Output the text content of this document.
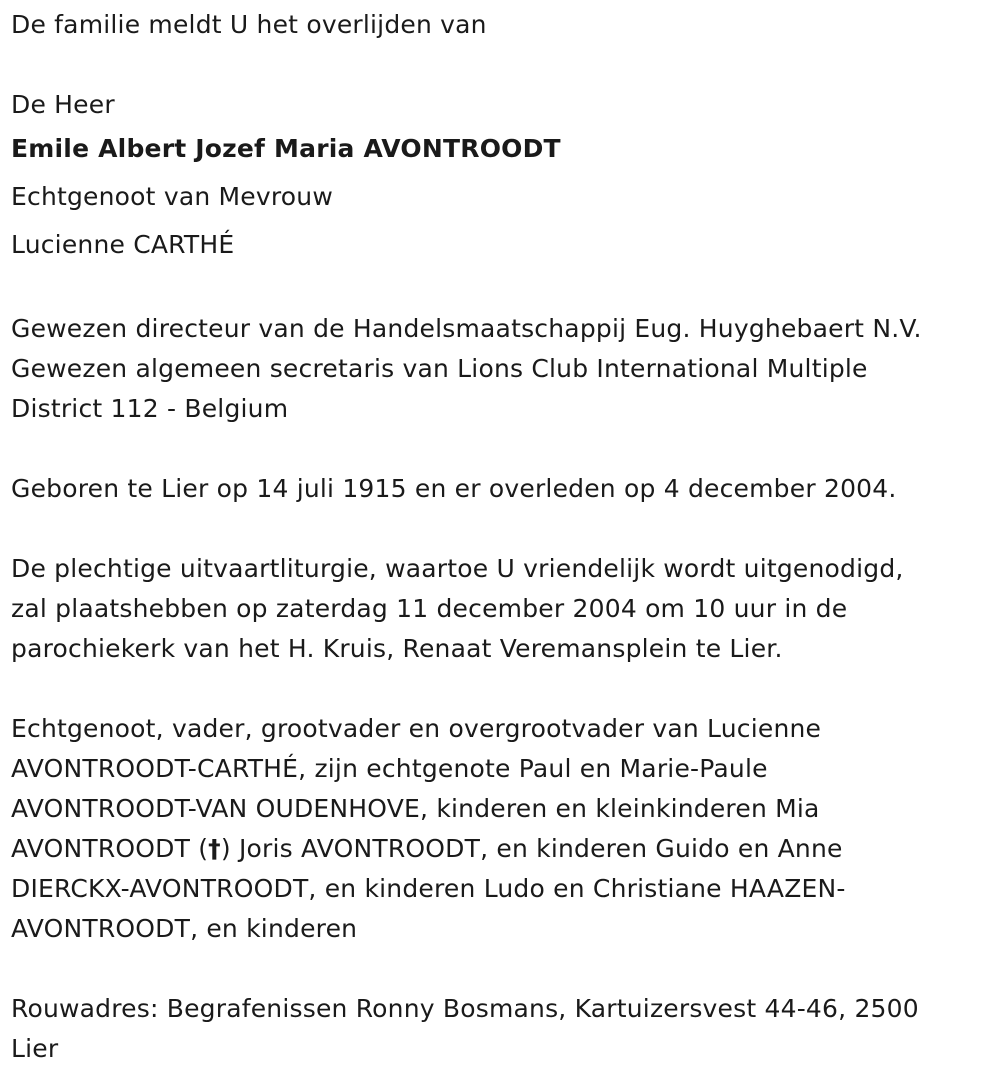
De familie meldt U het overlijden van
De Heer
Emile Albert Jozef Maria AVONTROODT
Echtgenoot van Mevrouw
Lucienne CARTHÉ
Gewezen directeur van de Handelsmaatschappij Eug. Huyghebaert N.V.
Gewezen algemeen secretaris van Lions Club International Multiple
District 112 - Belgium
Geboren te Lier op 14 juli 1915 en er overleden op 4 december 2004.
De plechtige uitvaartliturgie, waartoe U vriendelijk wordt uitgenodigd,
zal plaatshebben op zaterdag 11 december 2004 om 10 uur in de
parochiekerk van het H. Kruis, Renaat Veremansplein te Lier.
Echtgenoot, vader, grootvader en overgrootvader van Lucienne
AVONTROODT-CARTHÉ, zijn echtgenote Paul en Marie-Paule
AVONTROODT-VAN OUDENHOVE, kinderen en kleinkinderen Mia
AVONTROODT (†) Joris AVONTROODT, en kinderen Guido en Anne
DIERCKX-AVONTROODT, en kinderen Ludo en Christiane HAAZEN-
AVONTROODT, en kinderen
Rouwadres: Begrafenissen Ronny Bosmans, Kartuizersvest 44-46, 2500
Lier
